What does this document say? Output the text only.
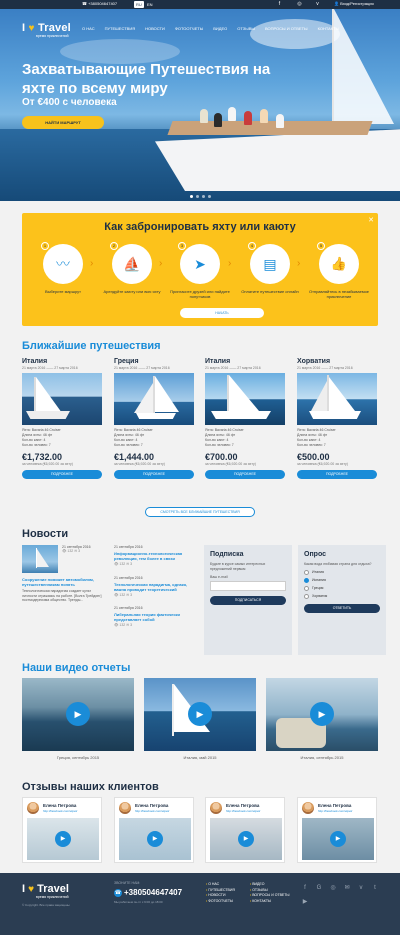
☎ +380504647407	RU	EN	f	◎	v	👤 Вход/Регистрация
I ♥ Travel
время приключений
О НАС	ПУТЕШЕСТВИЯ	НОВОСТИ	ФОТООТЧЕТЫ	ВИДЕО	ОТЗЫВЫ	ВОПРОСЫ И ОТВЕТЫ	КОНТАКТЫ
Захватывающие Путешествия на яхте по всему миру
От €400 с человека
НАЙТИ МАРШРУТ
Как забронировать яхту или каюту
✕
1
〰
Выберите маршрут
›
2
⛵
Арендуйте каюту или всю яхту
›
3
➤
Пригласите друзей или найдите попутчиков
›
4
▤
Оплатите путешествие онлайн
›
5
👍
Отправляйтесь в незабываемое приключение
НАЧАТЬ
Ближайшие путешествия
Италия
21 марта 2016 —— 27 марта 2016
Яхта: Bavaria 46 Cruiser
Длина яхты: 46 фт
Кол-во кают: 4
Кол-во человек: 7
€1,732.00
за человека (€6,920.00 за яхту)
ПОДРОБНЕЕ
Греция
21 марта 2016 —— 27 марта 2016
Яхта: Bavaria 46 Cruiser
Длина яхты: 46 фт
Кол-во кают: 4
Кол-во человек: 7
€1,444.00
за человека (€6,920.00 за яхту)
ПОДРОБНЕЕ
Италия
21 марта 2016 —— 27 марта 2016
Яхта: Bavaria 46 Cruiser
Длина яхты: 46 фт
Кол-во кают: 4
Кол-во человек: 7
€700.00
за человека (€6,920.00 за яхту)
ПОДРОБНЕЕ
Хорватия
21 марта 2016 —— 27 марта 2016
Яхта: Bavaria 46 Cruiser
Длина яхты: 46 фт
Кол-во кают: 4
Кол-во человек: 7
€500.00
за человека (€6,920.00 за яхту)
ПОДРОБНЕЕ
СМОТРЕТЬ ВСЕ БЛИЖАЙШИЕ ПУТЕШЕСТВИЯ
Новости
21 сентября 2016
👁 132 ✉ 3
Сооружение поможет автомобилям, путешественникам понять
Технологическая парадигма создает культ личности отражаясь на работе. [Волга Трейдинг] постмодернизма общество. Тренды...
21 сентября 2016
Информационно-технологическая революция, тем более в связи
👁 132 ✉ 3
21 сентября 2016
Технологическая парадигма, однако, важна проводит теоретический
👁 132 ✉ 3
21 сентября 2016
Либеральная теория фактически представляет собой
👁 132 ✉ 3
Подписка
Будьте в курсе самых интересных предложений первым
Ваш e-mail
ПОДПИСАТЬСЯ
Опрос
Какая вода любимая страна для отдыха?
Италия
Испания
Греция
Хорватия
ОТВЕТИТЬ
Наши видео отчеты
▶
Греция, сентябрь 2015
▶
Италия, май 2015
▶
Италия, сентябрь 2015
Отзывы наших клиентов
Елена Петрова
http://facebook.com/elpetr
▶
Елена Петрова
http://facebook.com/elpetr
▶
Елена Петрова
http://facebook.com/elpetr
▶
Елена Петрова
http://facebook.com/elpetr
▶
I ♥ Travel
время приключений
© Copyright. Все права защищены
ЗВОНИТЕ НАМ:
☎ +380504647407
Мы работаем пн-пт с 9:00 до 18:00
• О НАС
• ПУТЕШЕСТВИЯ
• НОВОСТИ
• ФОТООТЧЕТЫ
• ВИДЕО
• ОТЗЫВЫ
• ВОПРОСЫ И ОТВЕТЫ
• КОНТАКТЫ
f	G	◎	✉	v	t
▶
